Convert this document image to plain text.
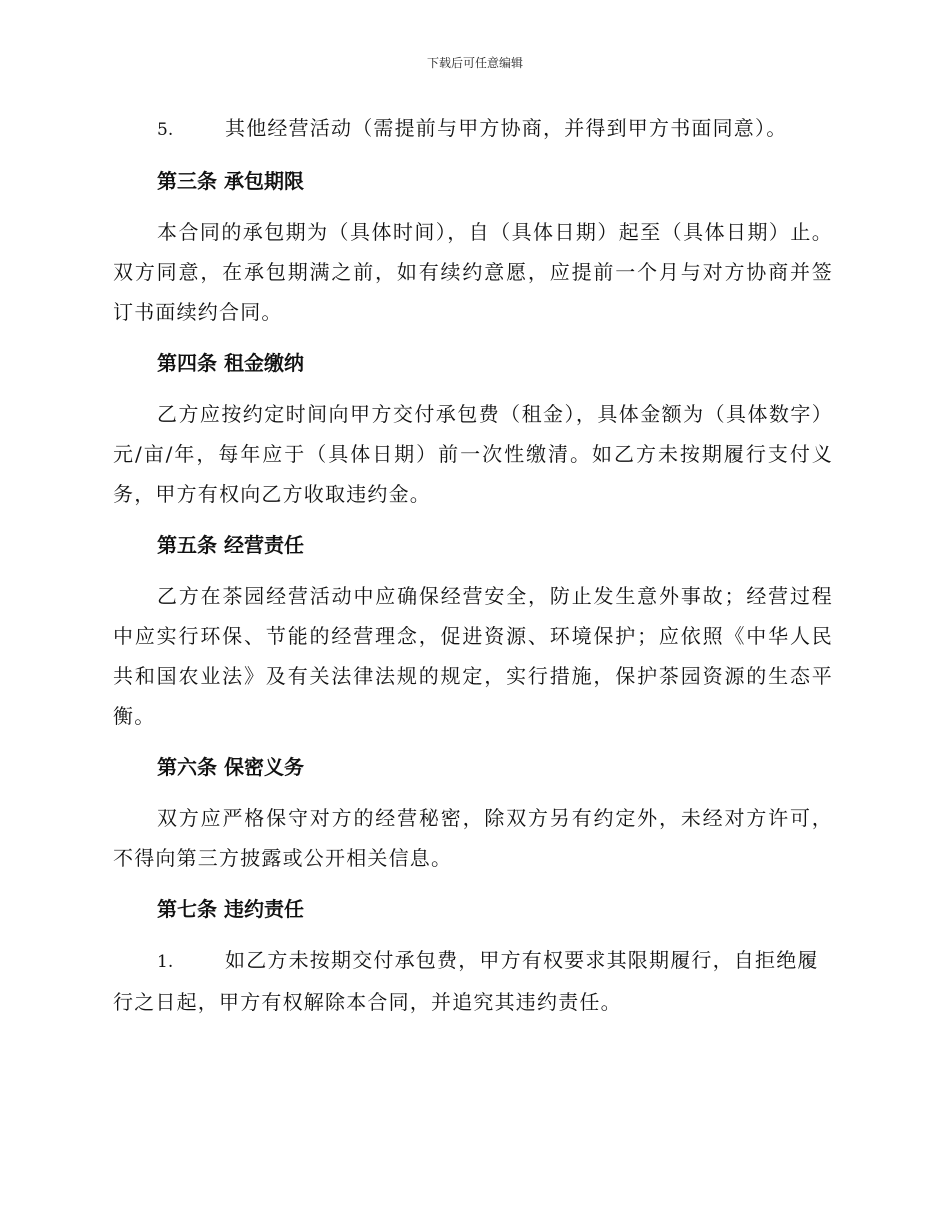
下载后可任意编辑
5.	其他经营活动（需提前与甲方协商，并得到甲方书面同意）。
第三条 承包期限
本合同的承包期为（具体时间），自（具体日期）起至（具体日期）止。双方同意，在承包期满之前，如有续约意愿，应提前一个月与对方协商并签订书面续约合同。
第四条 租金缴纳
乙方应按约定时间向甲方交付承包费（租金），具体金额为（具体数字）元/亩/年，每年应于（具体日期）前一次性缴清。如乙方未按期履行支付义务，甲方有权向乙方收取违约金。
第五条 经营责任
乙方在茶园经营活动中应确保经营安全，防止发生意外事故；经营过程中应实行环保、节能的经营理念，促进资源、环境保护；应依照《中华人民共和国农业法》及有关法律法规的规定，实行措施，保护茶园资源的生态平衡。
第六条 保密义务
双方应严格保守对方的经营秘密，除双方另有约定外，未经对方许可，不得向第三方披露或公开相关信息。
第七条 违约责任
1.	如乙方未按期交付承包费，甲方有权要求其限期履行，自拒绝履行之日起，甲方有权解除本合同，并追究其违约责任。
